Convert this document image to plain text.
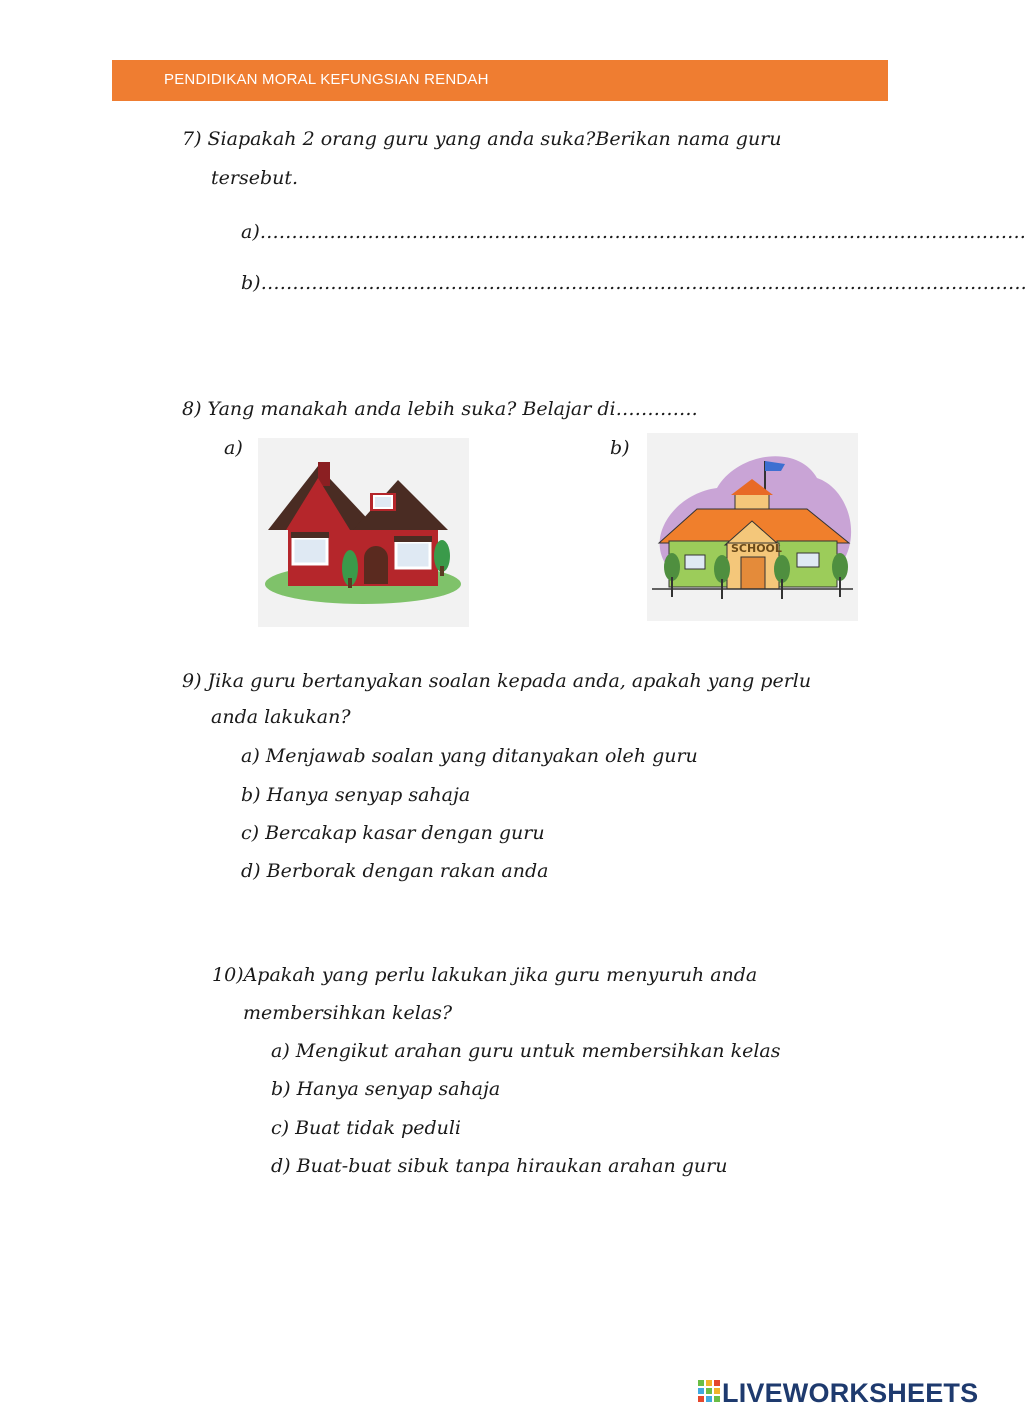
PENDIDIKAN MORAL KEFUNGSIAN RENDAH
7) Siapakah 2 orang guru yang anda suka?Berikan nama guru
tersebut.
a)………………………………………………………………………………………………………….
b)………………………………………………………………………………………………………….
8) Yang manakah anda lebih suka? Belajar di………….
a)	b)
SCHOOL
9) Jika guru bertanyakan soalan kepada anda, apakah yang perlu
anda lakukan?
a) Menjawab soalan yang ditanyakan oleh guru
b) Hanya senyap sahaja
c) Bercakap kasar dengan guru
d) Berborak dengan rakan anda
10)Apakah yang perlu lakukan jika guru menyuruh anda
membersihkan kelas?
a) Mengikut arahan guru untuk membersihkan kelas
b) Hanya senyap sahaja
c) Buat tidak peduli
d) Buat-buat sibuk tanpa hiraukan arahan guru
LIVEWORKSHEETS
